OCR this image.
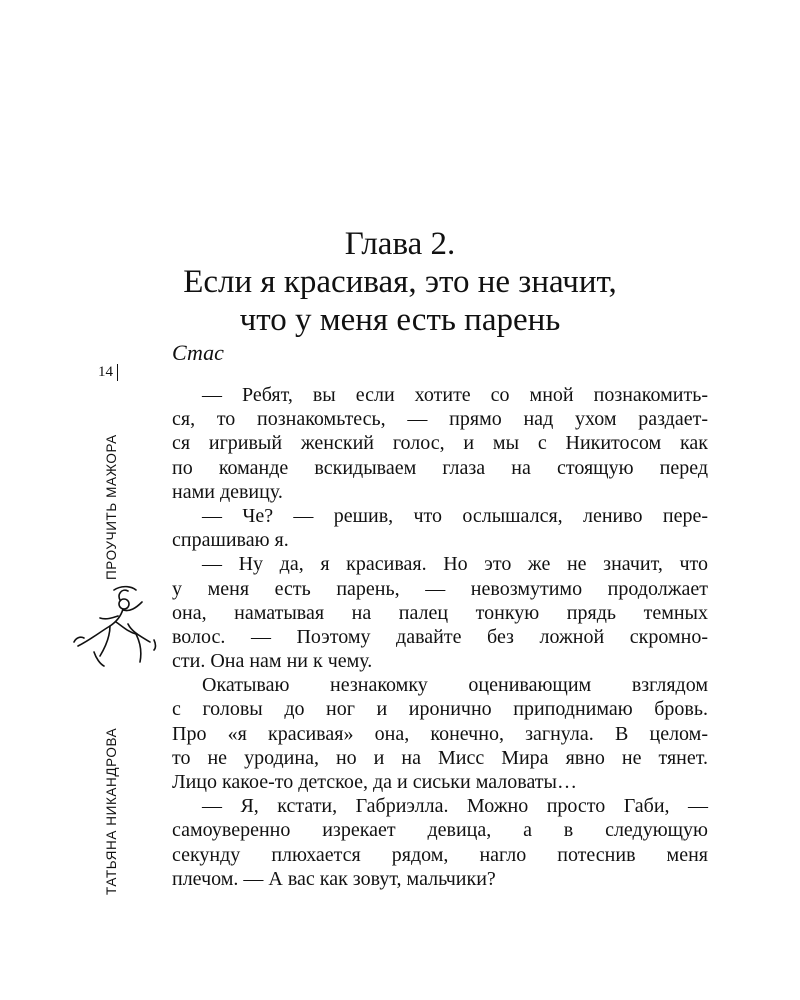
Глава 2.
Если я красивая, это не значит,
что у меня есть парень
Стас
— Ребят, вы если хотите со мной познакомить-
ся, то познакомьтесь, — прямо над ухом раздает-
ся игривый женский голос, и мы с Никитосом как
по команде вскидываем глаза на стоящую перед
нами девицу.
— Че? — решив, что ослышался, лениво пере-
спрашиваю я.
— Ну да, я красивая. Но это же не значит, что
у меня есть парень, — невозмутимо продолжает
она, наматывая на палец тонкую прядь темных
волос. — Поэтому давайте без ложной скромно-
сти. Она нам ни к чему.
Окатываю незнакомку оценивающим взглядом
с головы до ног и иронично приподнимаю бровь.
Про «я красивая» она, конечно, загнула. В целом-
то не уродина, но и на Мисс Мира явно не тянет.
Лицо какое-то детское, да и сиськи маловаты…
— Я, кстати, Габриэлла. Можно просто Габи, —
самоуверенно изрекает девица, а в следующую
секунду плюхается рядом, нагло потеснив меня
плечом. — А вас как зовут, мальчики?
14
ПРОУЧИТЬ МАЖОРА
ТАТЬЯНА НИКАНДРОВА
